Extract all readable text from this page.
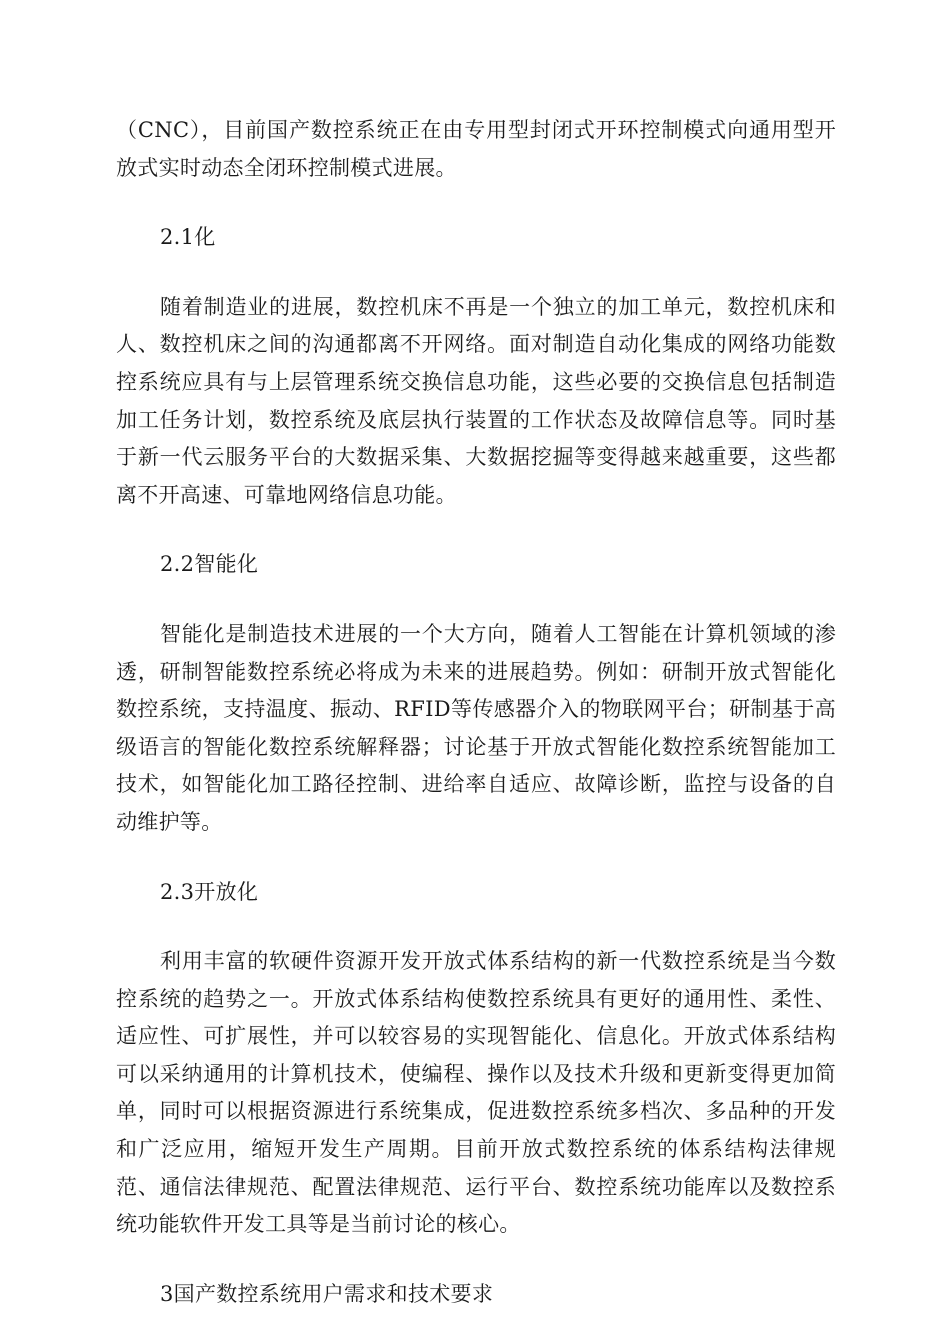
（CNC），目前国产数控系统正在由专用型封闭式开环控制模式向通用型开放式实时动态全闭环控制模式进展。

2.1化

随着制造业的进展，数控机床不再是一个独立的加工单元，数控机床和人、数控机床之间的沟通都离不开网络。面对制造自动化集成的网络功能数控系统应具有与上层管理系统交换信息功能，这些必要的交换信息包括制造加工任务计划，数控系统及底层执行装置的工作状态及故障信息等。同时基于新一代云服务平台的大数据采集、大数据挖掘等变得越来越重要，这些都离不开高速、可靠地网络信息功能。

2.2智能化

智能化是制造技术进展的一个大方向，随着人工智能在计算机领域的渗透，研制智能数控系统必将成为未来的进展趋势。例如：研制开放式智能化数控系统，支持温度、振动、RFID等传感器介入的物联网平台；研制基于高级语言的智能化数控系统解释器；讨论基于开放式智能化数控系统智能加工技术，如智能化加工路径控制、进给率自适应、故障诊断，监控与设备的自动维护等。

2.3开放化

利用丰富的软硬件资源开发开放式体系结构的新一代数控系统是当今数控系统的趋势之一。开放式体系结构使数控系统具有更好的通用性、柔性、适应性、可扩展性，并可以较容易的实现智能化、信息化。开放式体系结构可以采纳通用的计算机技术，使编程、操作以及技术升级和更新变得更加简单，同时可以根据资源进行系统集成，促进数控系统多档次、多品种的开发和广泛应用，缩短开发生产周期。目前开放式数控系统的体系结构法律规范、通信法律规范、配置法律规范、运行平台、数控系统功能库以及数控系统功能软件开发工具等是当前讨论的核心。

3国产数控系统用户需求和技术要求
